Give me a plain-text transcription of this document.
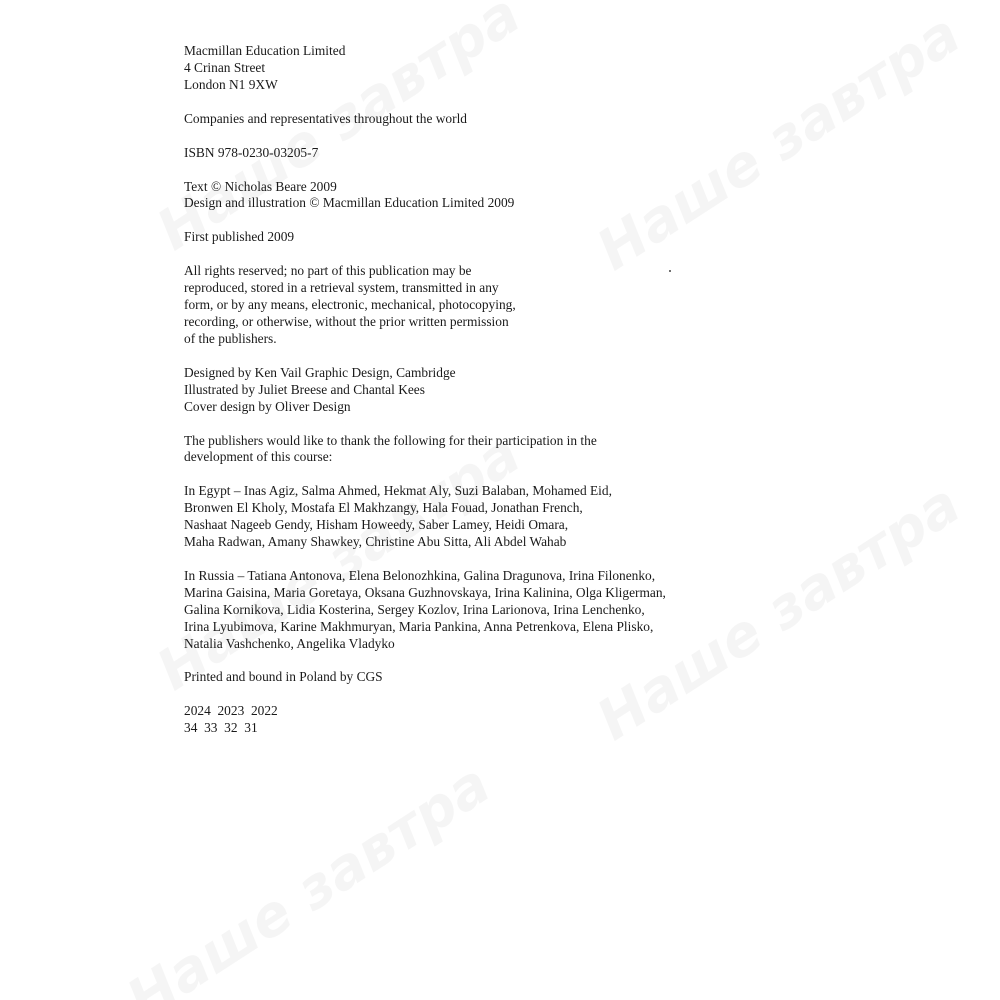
Macmillan Education Limited
4 Crinan Street
London N1 9XW
Companies and representatives throughout the world
ISBN 978-0230-03205-7
Text © Nicholas Beare 2009
Design and illustration © Macmillan Education Limited 2009
First published 2009
All rights reserved; no part of this publication may be
reproduced, stored in a retrieval system, transmitted in any
form, or by any means, electronic, mechanical, photocopying,
recording, or otherwise, without the prior written permission
of the publishers.
Designed by Ken Vail Graphic Design, Cambridge
Illustrated by Juliet Breese and Chantal Kees
Cover design by Oliver Design
The publishers would like to thank the following for their participation in the
development of this course:
In Egypt – Inas Agiz, Salma Ahmed, Hekmat Aly, Suzi Balaban, Mohamed Eid,
Bronwen El Kholy, Mostafa El Makhzangy, Hala Fouad, Jonathan French,
Nashaat Nageeb Gendy, Hisham Howeedy, Saber Lamey, Heidi Omara,
Maha Radwan, Amany Shawkey, Christine Abu Sitta, Ali Abdel Wahab
In Russia – Tatiana Antonova, Elena Belonozhkina, Galina Dragunova, Irina Filonenko,
Marina Gaisina, Maria Goretaya, Oksana Guzhnovskaya, Irina Kalinina, Olga Kligerman,
Galina Kornikova, Lidia Kosterina, Sergey Kozlov, Irina Larionova, Irina Lenchenko,
Irina Lyubimova, Karine Makhmuryan, Maria Pankina, Anna Petrenkova, Elena Plisko,
Natalia Vashchenko, Angelika Vladyko
Printed and bound in Poland by CGS
2024  2023  2022
34  33  32  31
